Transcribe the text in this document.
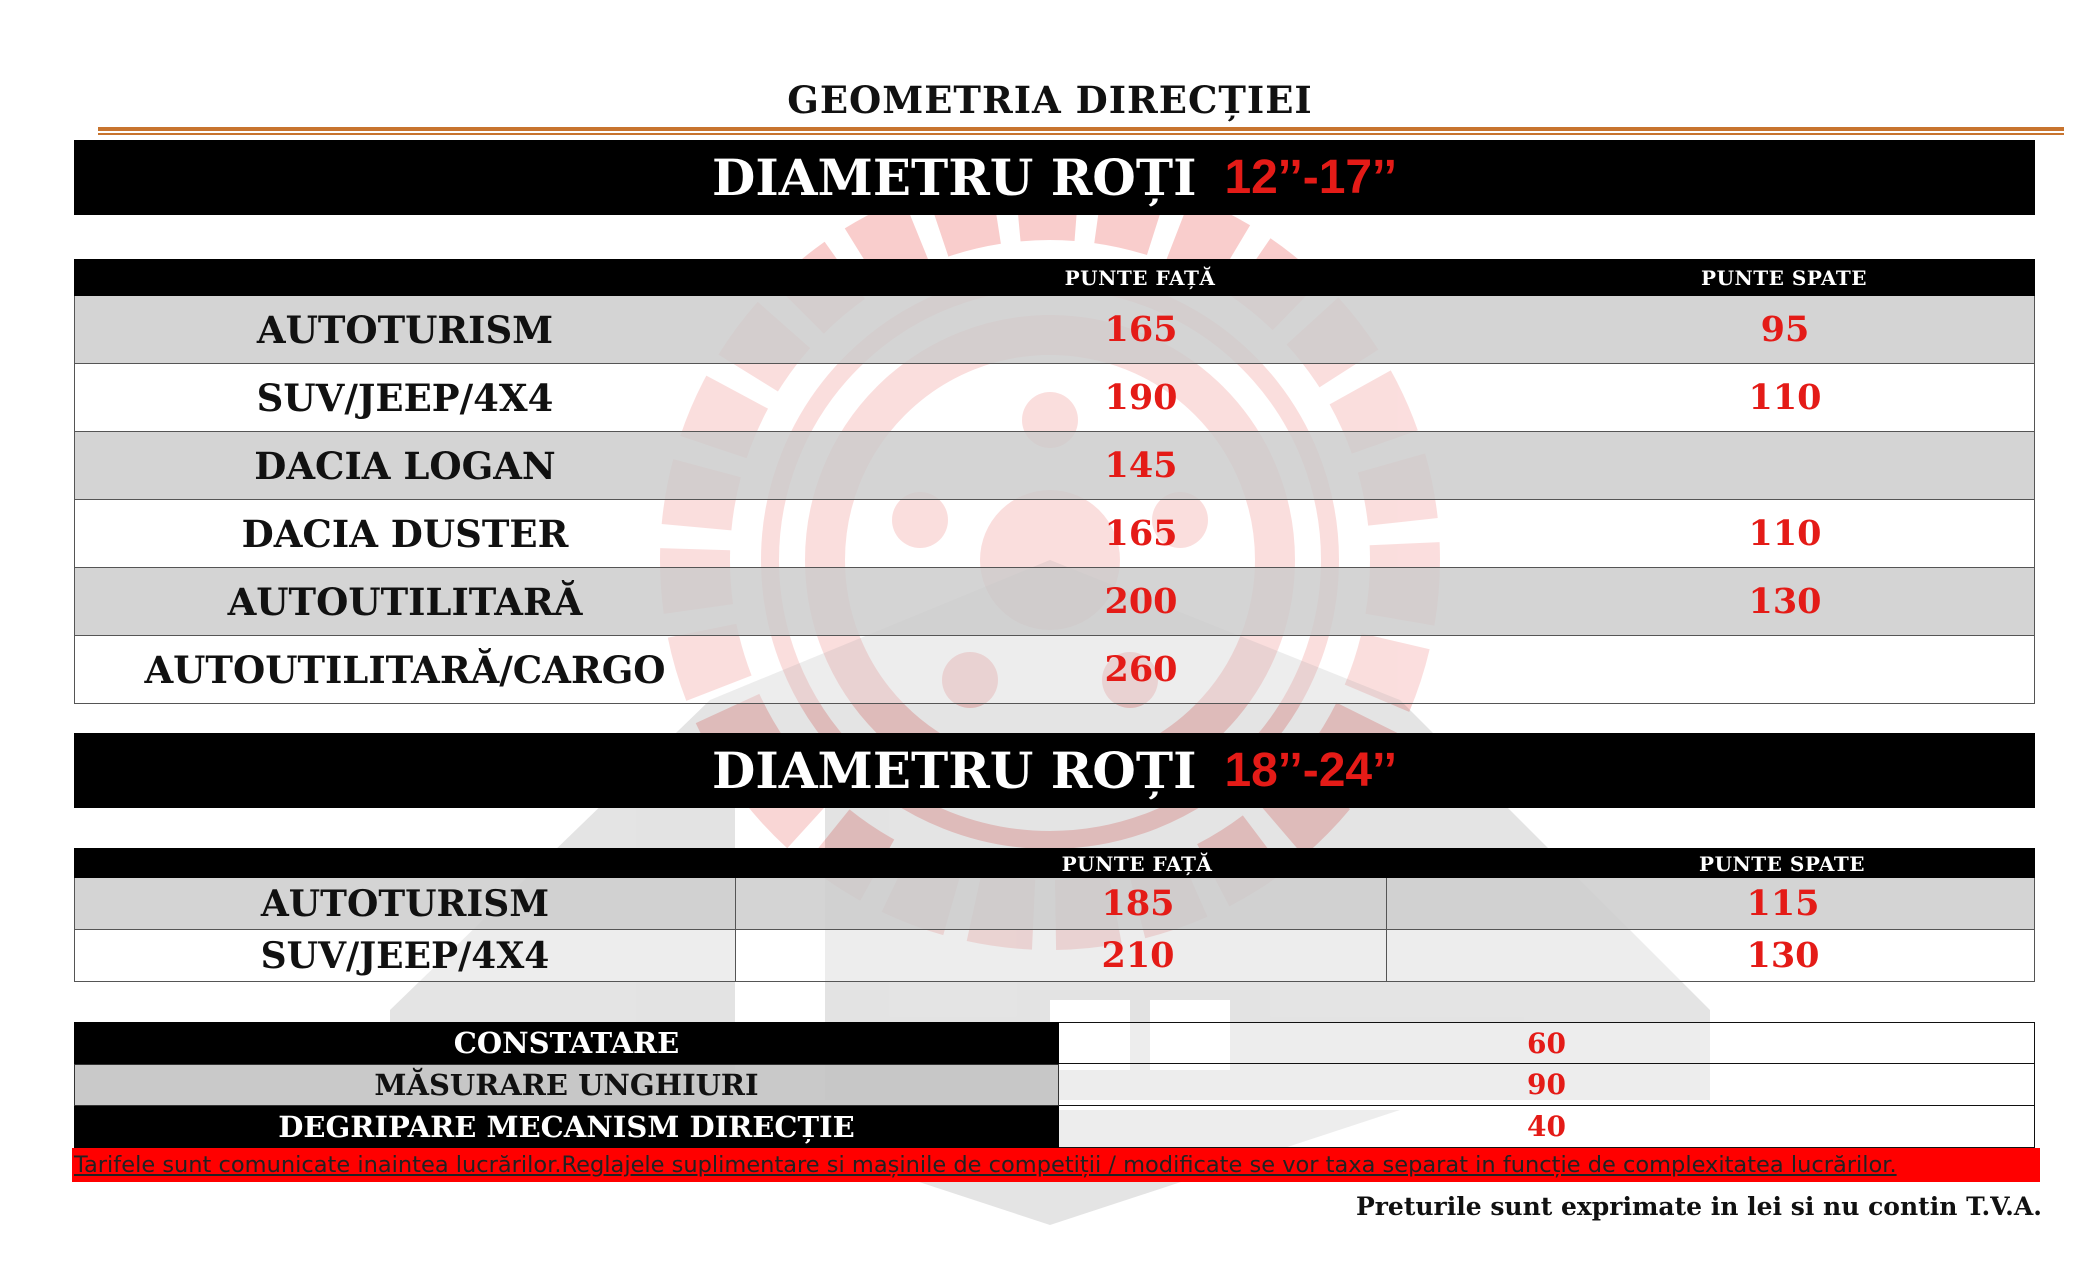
GEOMETRIA DIRECȚIEI
DIAMETRU ROȚI 12’’-17’’
PUNTE FAȚĂ	PUNTE SPATE
AUTOTURISM	165	95
SUV/JEEP/4X4	190	110
DACIA LOGAN	145
DACIA DUSTER	165	110
AUTOUTILITARĂ	200	130
AUTOUTILITARĂ/CARGO	260
DIAMETRU ROȚI 18’’-24’’
PUNTE FAȚĂ	PUNTE SPATE
AUTOTURISM	185	115
SUV/JEEP/4X4	210	130
CONSTATARE	60
MĂSURARE UNGHIURI	90
DEGRIPARE MECANISM DIRECȚIE	40
Tarifele sunt comunicate inaintea lucrărilor.Reglajele suplimentare si mașinile de competiții / modificate se vor taxa separat in funcție de complexitatea lucrărilor.
Preturile sunt exprimate in lei si nu contin T.V.A.
